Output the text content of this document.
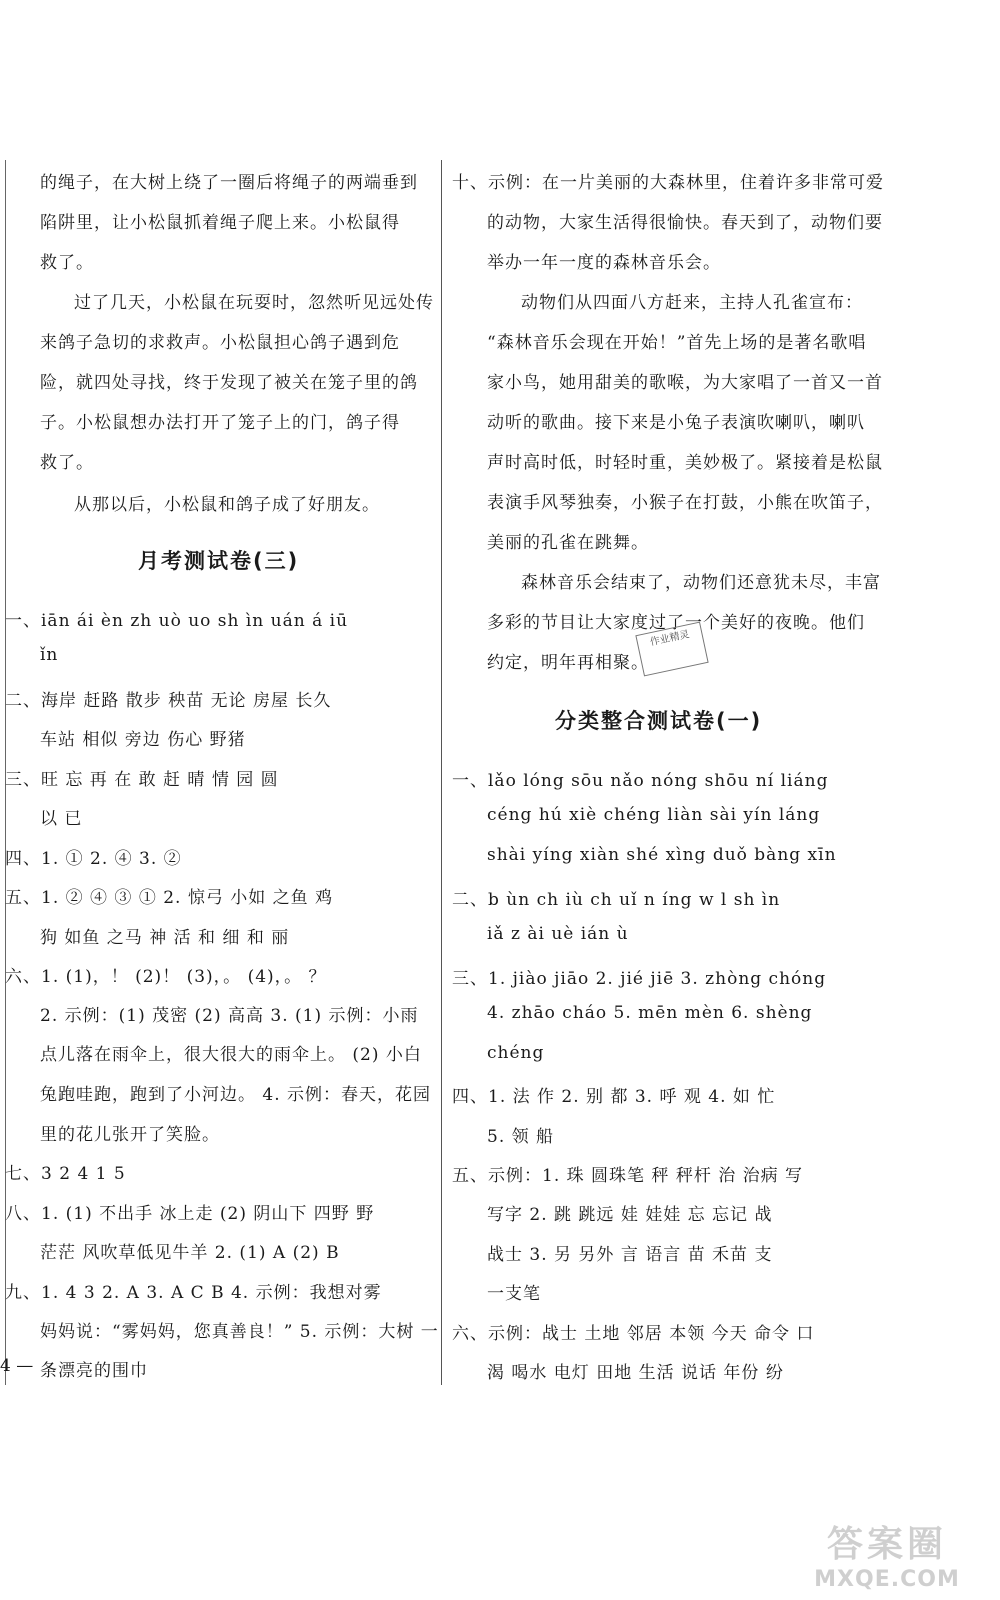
的绳子，在大树上绕了一圈后将绳子的两端垂到
陷阱里，让小松鼠抓着绳子爬上来。小松鼠得
救了。
过了几天，小松鼠在玩耍时，忽然听见远处传
来鸽子急切的求救声。小松鼠担心鸽子遇到危
险，就四处寻找，终于发现了被关在笼子里的鸽
子。小松鼠想办法打开了笼子上的门，鸽子得
救了。
从那以后，小松鼠和鸽子成了好朋友。
月考测试卷(三)
一、iān ái èn zh uò uo sh ìn uán á iū
ǐn
二、海岸 赶路 散步 秧苗 无论 房屋 长久
车站 相似 旁边 伤心 野猪
三、旺 忘 再 在 敢 赶 晴 情 园 圆
以 已
四、1. ① 2. ④ 3. ②
五、1. ② ④ ③ ① 2. 惊弓 小如 之鱼 鸡
狗 如鱼 之马 神 活 和 细 和 丽
六、1. (1)，！ (2)！ (3)，。 (4)，。 ？
2. 示例：(1) 茂密 (2) 高高 3. (1) 示例：小雨
点儿落在雨伞上，很大很大的雨伞上。 (2) 小白
兔跑哇跑，跑到了小河边。 4. 示例：春天，花园
里的花儿张开了笑脸。
七、3 2 4 1 5
八、1. (1) 不出手 冰上走 (2) 阴山下 四野 野
茫茫 风吹草低见牛羊 2. (1) A (2) B
九、1. 4 3 2. A 3. A C B 4. 示例：我想对雾
妈妈说：“雾妈妈，您真善良！” 5. 示例：大树 一
条漂亮的围巾
十、示例：在一片美丽的大森林里，住着许多非常可爱
的动物，大家生活得很愉快。春天到了，动物们要
举办一年一度的森林音乐会。
动物们从四面八方赶来，主持人孔雀宣布：
“森林音乐会现在开始！”首先上场的是著名歌唱
家小鸟，她用甜美的歌喉，为大家唱了一首又一首
动听的歌曲。接下来是小兔子表演吹喇叭，喇叭
声时高时低，时轻时重，美妙极了。紧接着是松鼠
表演手风琴独奏，小猴子在打鼓，小熊在吹笛子，
美丽的孔雀在跳舞。
森林音乐会结束了，动物们还意犹未尽，丰富
多彩的节目让大家度过了一个美好的夜晚。他们
约定，明年再相聚。
分类整合测试卷(一)
一、lǎo lóng sōu nǎo nóng shōu ní liáng
céng hú xiè chéng liàn sài yín láng
shài yíng xiàn shé xìng duǒ bàng xīn
二、b ùn ch iù ch uǐ n íng w l sh ìn
iǎ z ài uè ián ù
三、1. jiào jiāo 2. jié jiē 3. zhòng chóng
4. zhāo cháo 5. mēn mèn 6. shèng
chéng
四、1. 法 作 2. 别 都 3. 呼 观 4. 如 忙
5. 领 船
五、示例：1. 珠 圆珠笔 秤 秤杆 治 治病 写
写字 2. 跳 跳远 娃 娃娃 忘 忘记 战
战士 3. 另 另外 言 语言 苗 禾苗 支
一支笔
六、示例：战士 土地 邻居 本领 今天 命令 口
渴 喝水 电灯 田地 生活 说话 年份 纷
作业精灵
4 —
答案圈
MXQE.COM
